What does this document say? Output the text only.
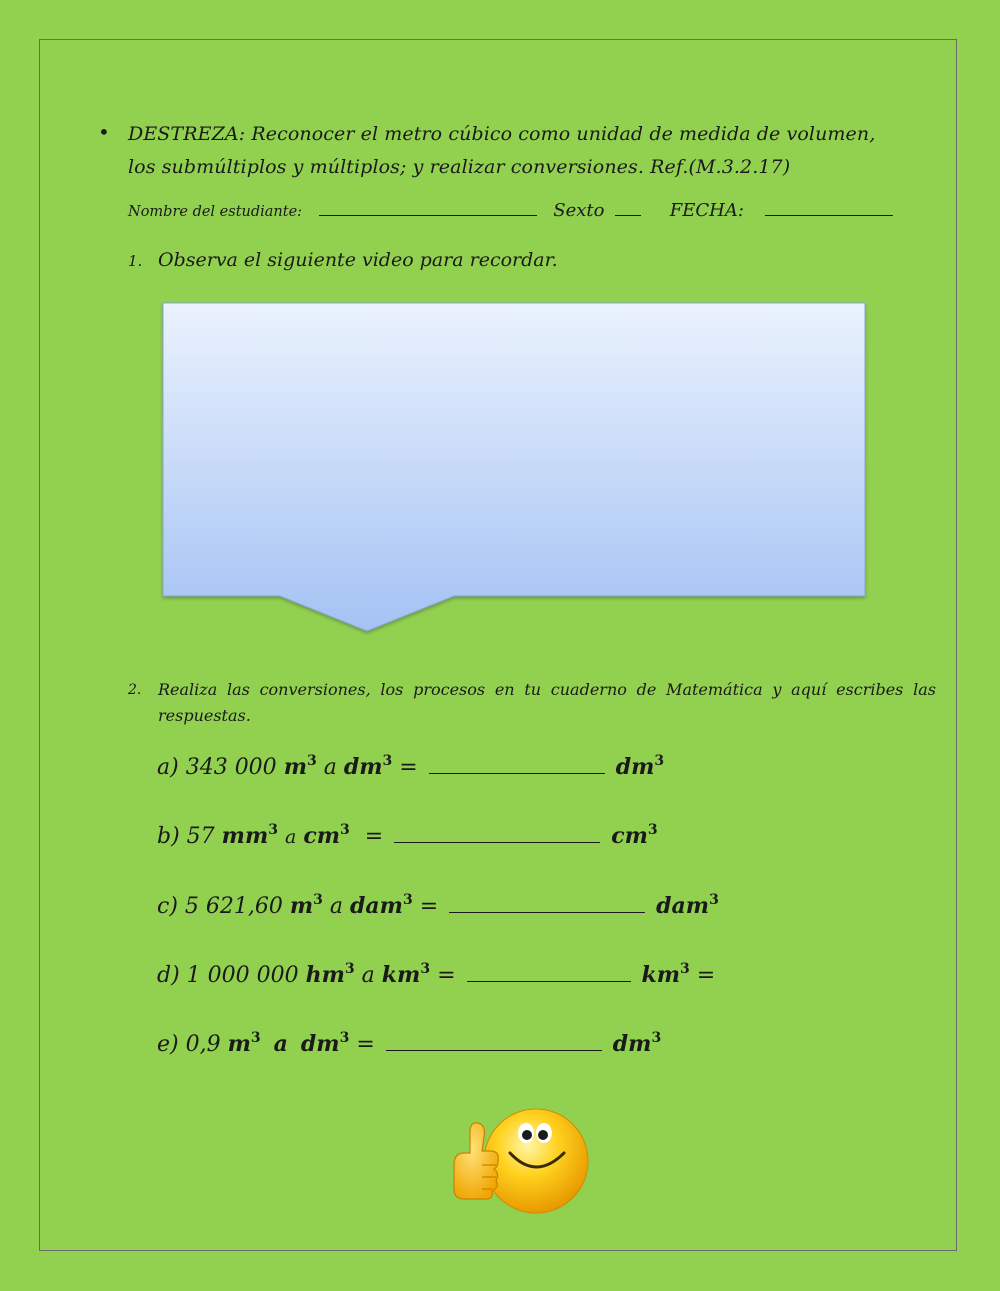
• DESTREZA: Reconocer el metro cúbico como unidad de medida de volumen, los submúltiplos y múltiplos; y realizar conversiones. Ref.(M.3.2.17)
Nombre del estudiante:	Sexto	FECHA:
1. Observa el siguiente video para recordar.
2. Realiza las conversiones, los procesos en tu cuaderno de Matemática y aquí escribes las respuestas.
a) 343 000 $m^3$ a $dm^3$ =	$dm^3$
b) 57 $mm^3$ a $cm^3$ =	$cm^3$
c) 5 621,60 $m^3$ a dam$^3$ =	dam$^3$
d) 1 000 000 $hm^3$ a $km^3$ =	$km^3$ =
e) 0,9 $m^3$ a $dm^3$ =	$dm^3$
